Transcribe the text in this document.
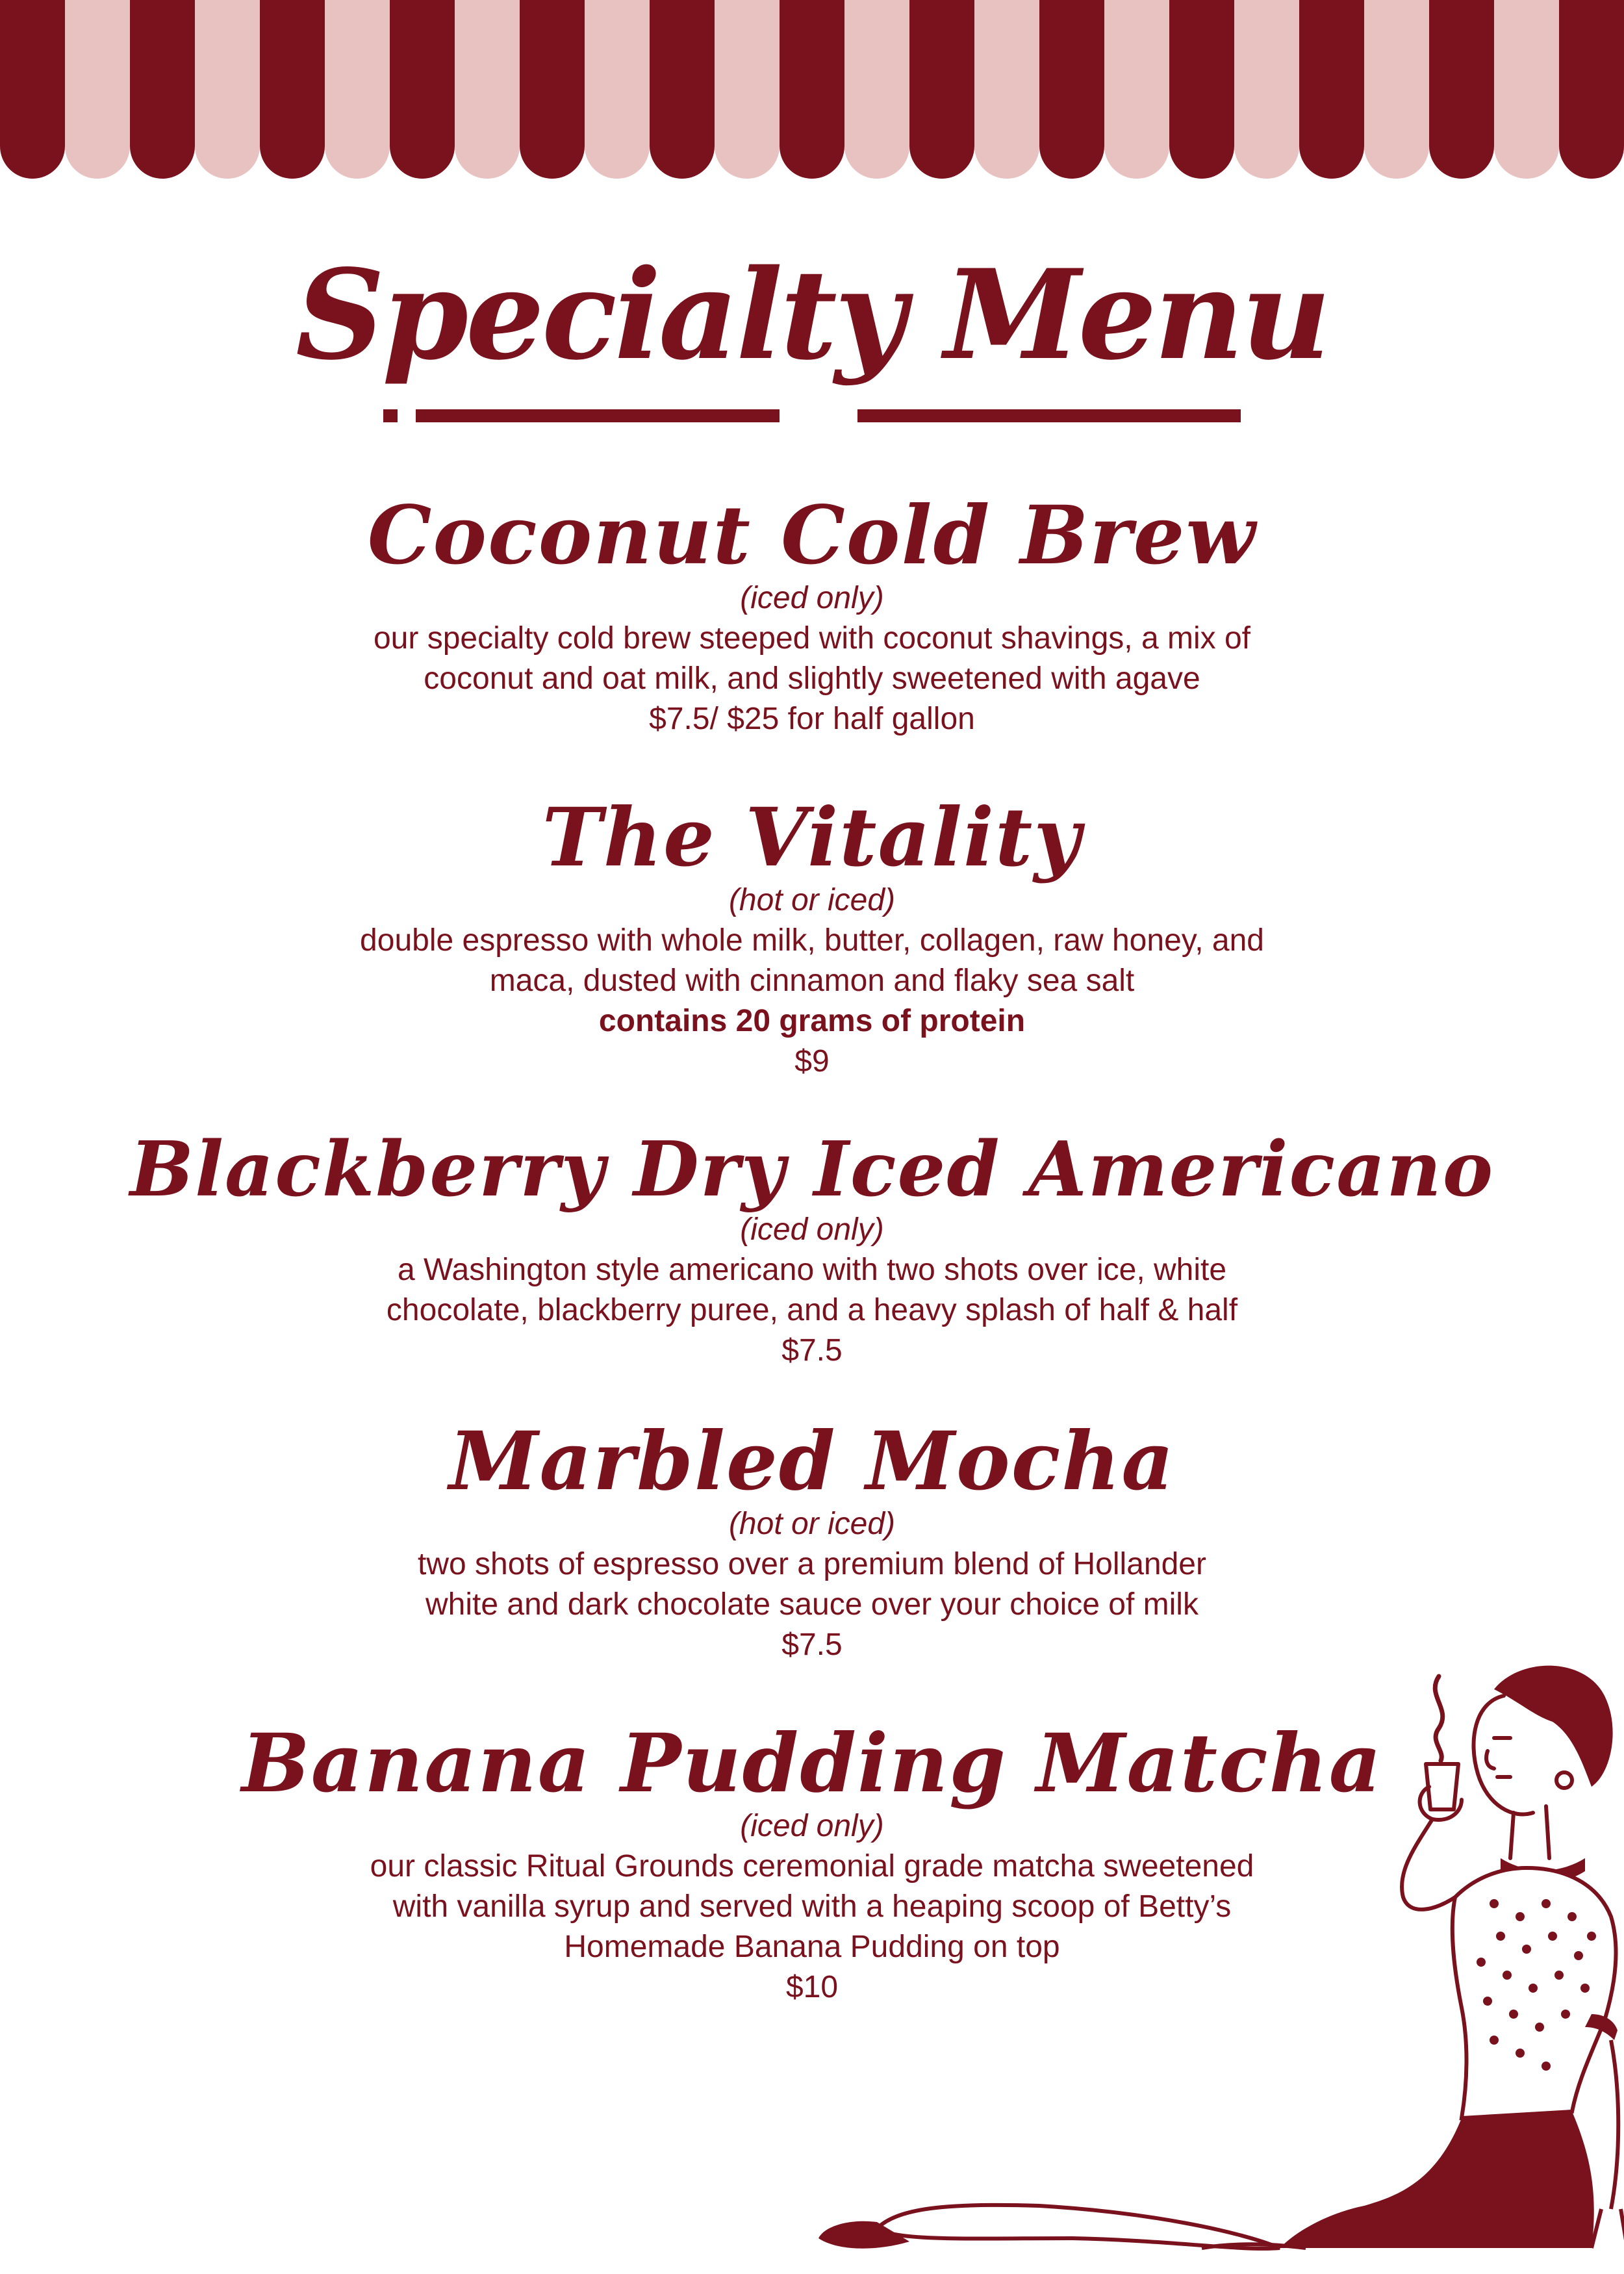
Specialty Menu
Coconut Cold Brew

(iced only)

our specialty cold brew steeped with coconut shavings, a mix of

coconut and oat milk, and slightly sweetened with agave

$7.5/ $25 for half gallon

The Vitality

(hot or iced)

double espresso with whole milk, butter, collagen, raw honey, and

maca, dusted with cinnamon and flaky sea salt

contains 20 grams of protein

$9

Blackberry Dry Iced Americano

(iced only)

a Washington style americano with two shots over ice, white

chocolate, blackberry puree, and a heavy splash of half & half

$7.5

Marbled Mocha

(hot or iced)

two shots of espresso over a premium blend of Hollander

white and dark chocolate sauce over your choice of milk

$7.5

Banana Pudding Matcha

(iced only)

our classic Ritual Grounds ceremonial grade matcha sweetened

with vanilla syrup and served with a heaping scoop of Betty’s

Homemade Banana Pudding on top

$10
